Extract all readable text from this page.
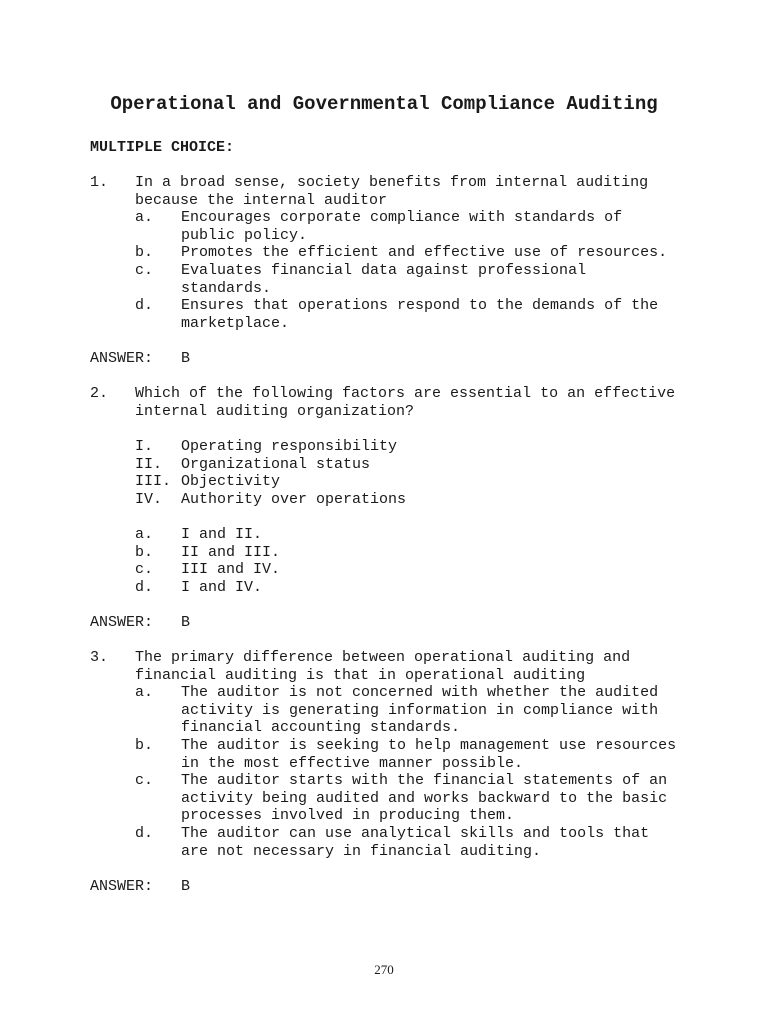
Operational and Governmental Compliance Auditing
MULTIPLE CHOICE:
1. In a broad sense, society benefits from internal auditing
because the internal auditor
a. Encourages corporate compliance with standards of
public policy.
b. Promotes the efficient and effective use of resources.
c. Evaluates financial data against professional
standards.
d. Ensures that operations respond to the demands of the
marketplace.
ANSWER: B
2. Which of the following factors are essential to an effective
internal auditing organization?
I. Operating responsibility
II. Organizational status
III. Objectivity
IV. Authority over operations
a. I and II.
b. II and III.
c. III and IV.
d. I and IV.
ANSWER: B
3. The primary difference between operational auditing and
financial auditing is that in operational auditing
a. The auditor is not concerned with whether the audited
activity is generating information in compliance with
financial accounting standards.
b. The auditor is seeking to help management use resources
in the most effective manner possible.
c. The auditor starts with the financial statements of an
activity being audited and works backward to the basic
processes involved in producing them.
d. The auditor can use analytical skills and tools that
are not necessary in financial auditing.
ANSWER: B
270
